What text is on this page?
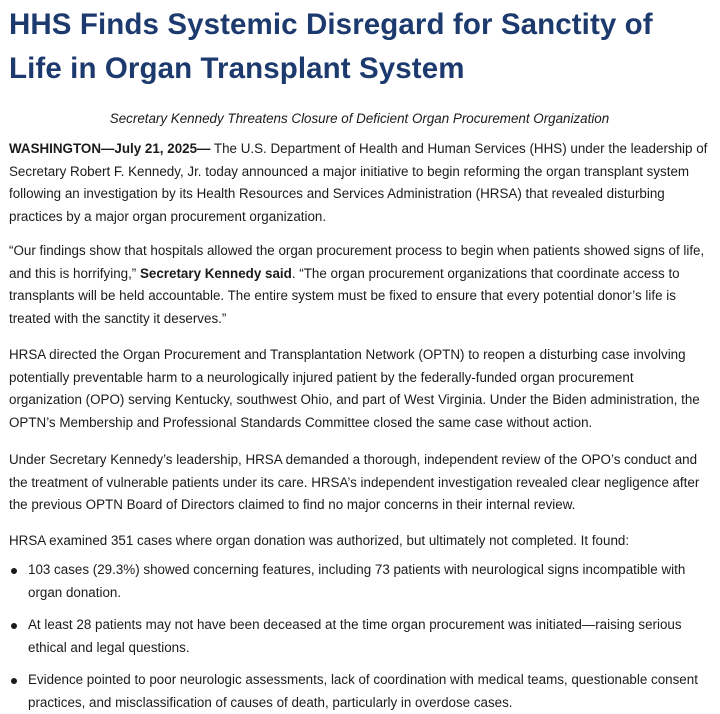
HHS Finds Systemic Disregard for Sanctity of Life in Organ Transplant System

Secretary Kennedy Threatens Closure of Deficient Organ Procurement Organization

WASHINGTON—July 21, 2025— The U.S. Department of Health and Human Services (HHS) under the leadership of Secretary Robert F. Kennedy, Jr. today announced a major initiative to begin reforming the organ transplant system following an investigation by its Health Resources and Services Administration (HRSA) that revealed disturbing practices by a major organ procurement organization.

“Our findings show that hospitals allowed the organ procurement process to begin when patients showed signs of life, and this is horrifying,” Secretary Kennedy said. “The organ procurement organizations that coordinate access to transplants will be held accountable. The entire system must be fixed to ensure that every potential donor’s life is treated with the sanctity it deserves.”

HRSA directed the Organ Procurement and Transplantation Network (OPTN) to reopen a disturbing case involving potentially preventable harm to a neurologically injured patient by the federally-funded organ procurement organization (OPO) serving Kentucky, southwest Ohio, and part of West Virginia. Under the Biden administration, the OPTN’s Membership and Professional Standards Committee closed the same case without action.

Under Secretary Kennedy’s leadership, HRSA demanded a thorough, independent review of the OPO’s conduct and the treatment of vulnerable patients under its care. HRSA’s independent investigation revealed clear negligence after the previous OPTN Board of Directors claimed to find no major concerns in their internal review.

HRSA examined 351 cases where organ donation was authorized, but ultimately not completed. It found:

103 cases (29.3%) showed concerning features, including 73 patients with neurological signs incompatible with organ donation.
At least 28 patients may not have been deceased at the time organ procurement was initiated—raising serious ethical and legal questions.
Evidence pointed to poor neurologic assessments, lack of coordination with medical teams, questionable consent practices, and misclassification of causes of death, particularly in overdose cases.
